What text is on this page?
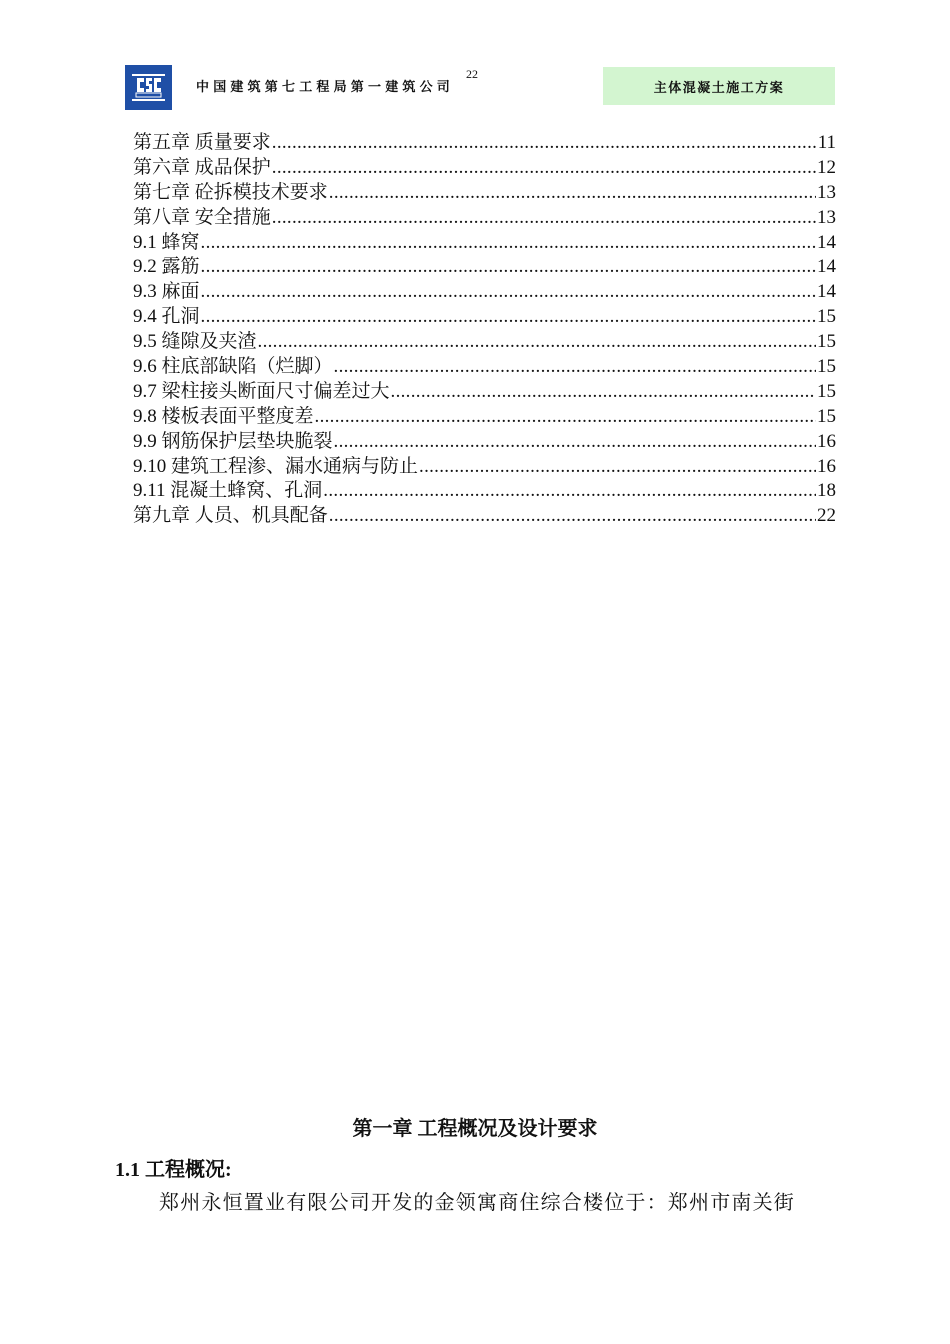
中国建筑第七工程局第一建筑公司
22
主体混凝土施工方案
第五章 质量要求 .....	11
第六章 成品保护 .....	12
第七章 砼拆模技术要求 .....	13
第八章 安全措施 .....	13
9.1 蜂窝 .....	14
9.2 露筋 .....	14
9.3 麻面 .....	14
9.4 孔洞 .....	15
9.5 缝隙及夹渣 .....	15
9.6 柱底部缺陷（烂脚） .....	15
9.7 梁柱接头断面尺寸偏差过大 .....	15
9.8 楼板表面平整度差 .....	15
9.9 钢筋保护层垫块脆裂 .....	16
9.10 建筑工程渗、漏水通病与防止 .....	16
9.11 混凝土蜂窝、孔洞 .....	18
第九章 人员、机具配备 .....	22
第一章 工程概况及设计要求
1.1 工程概况:
郑州永恒置业有限公司开发的金领寓商住综合楼位于：郑州市南关街
